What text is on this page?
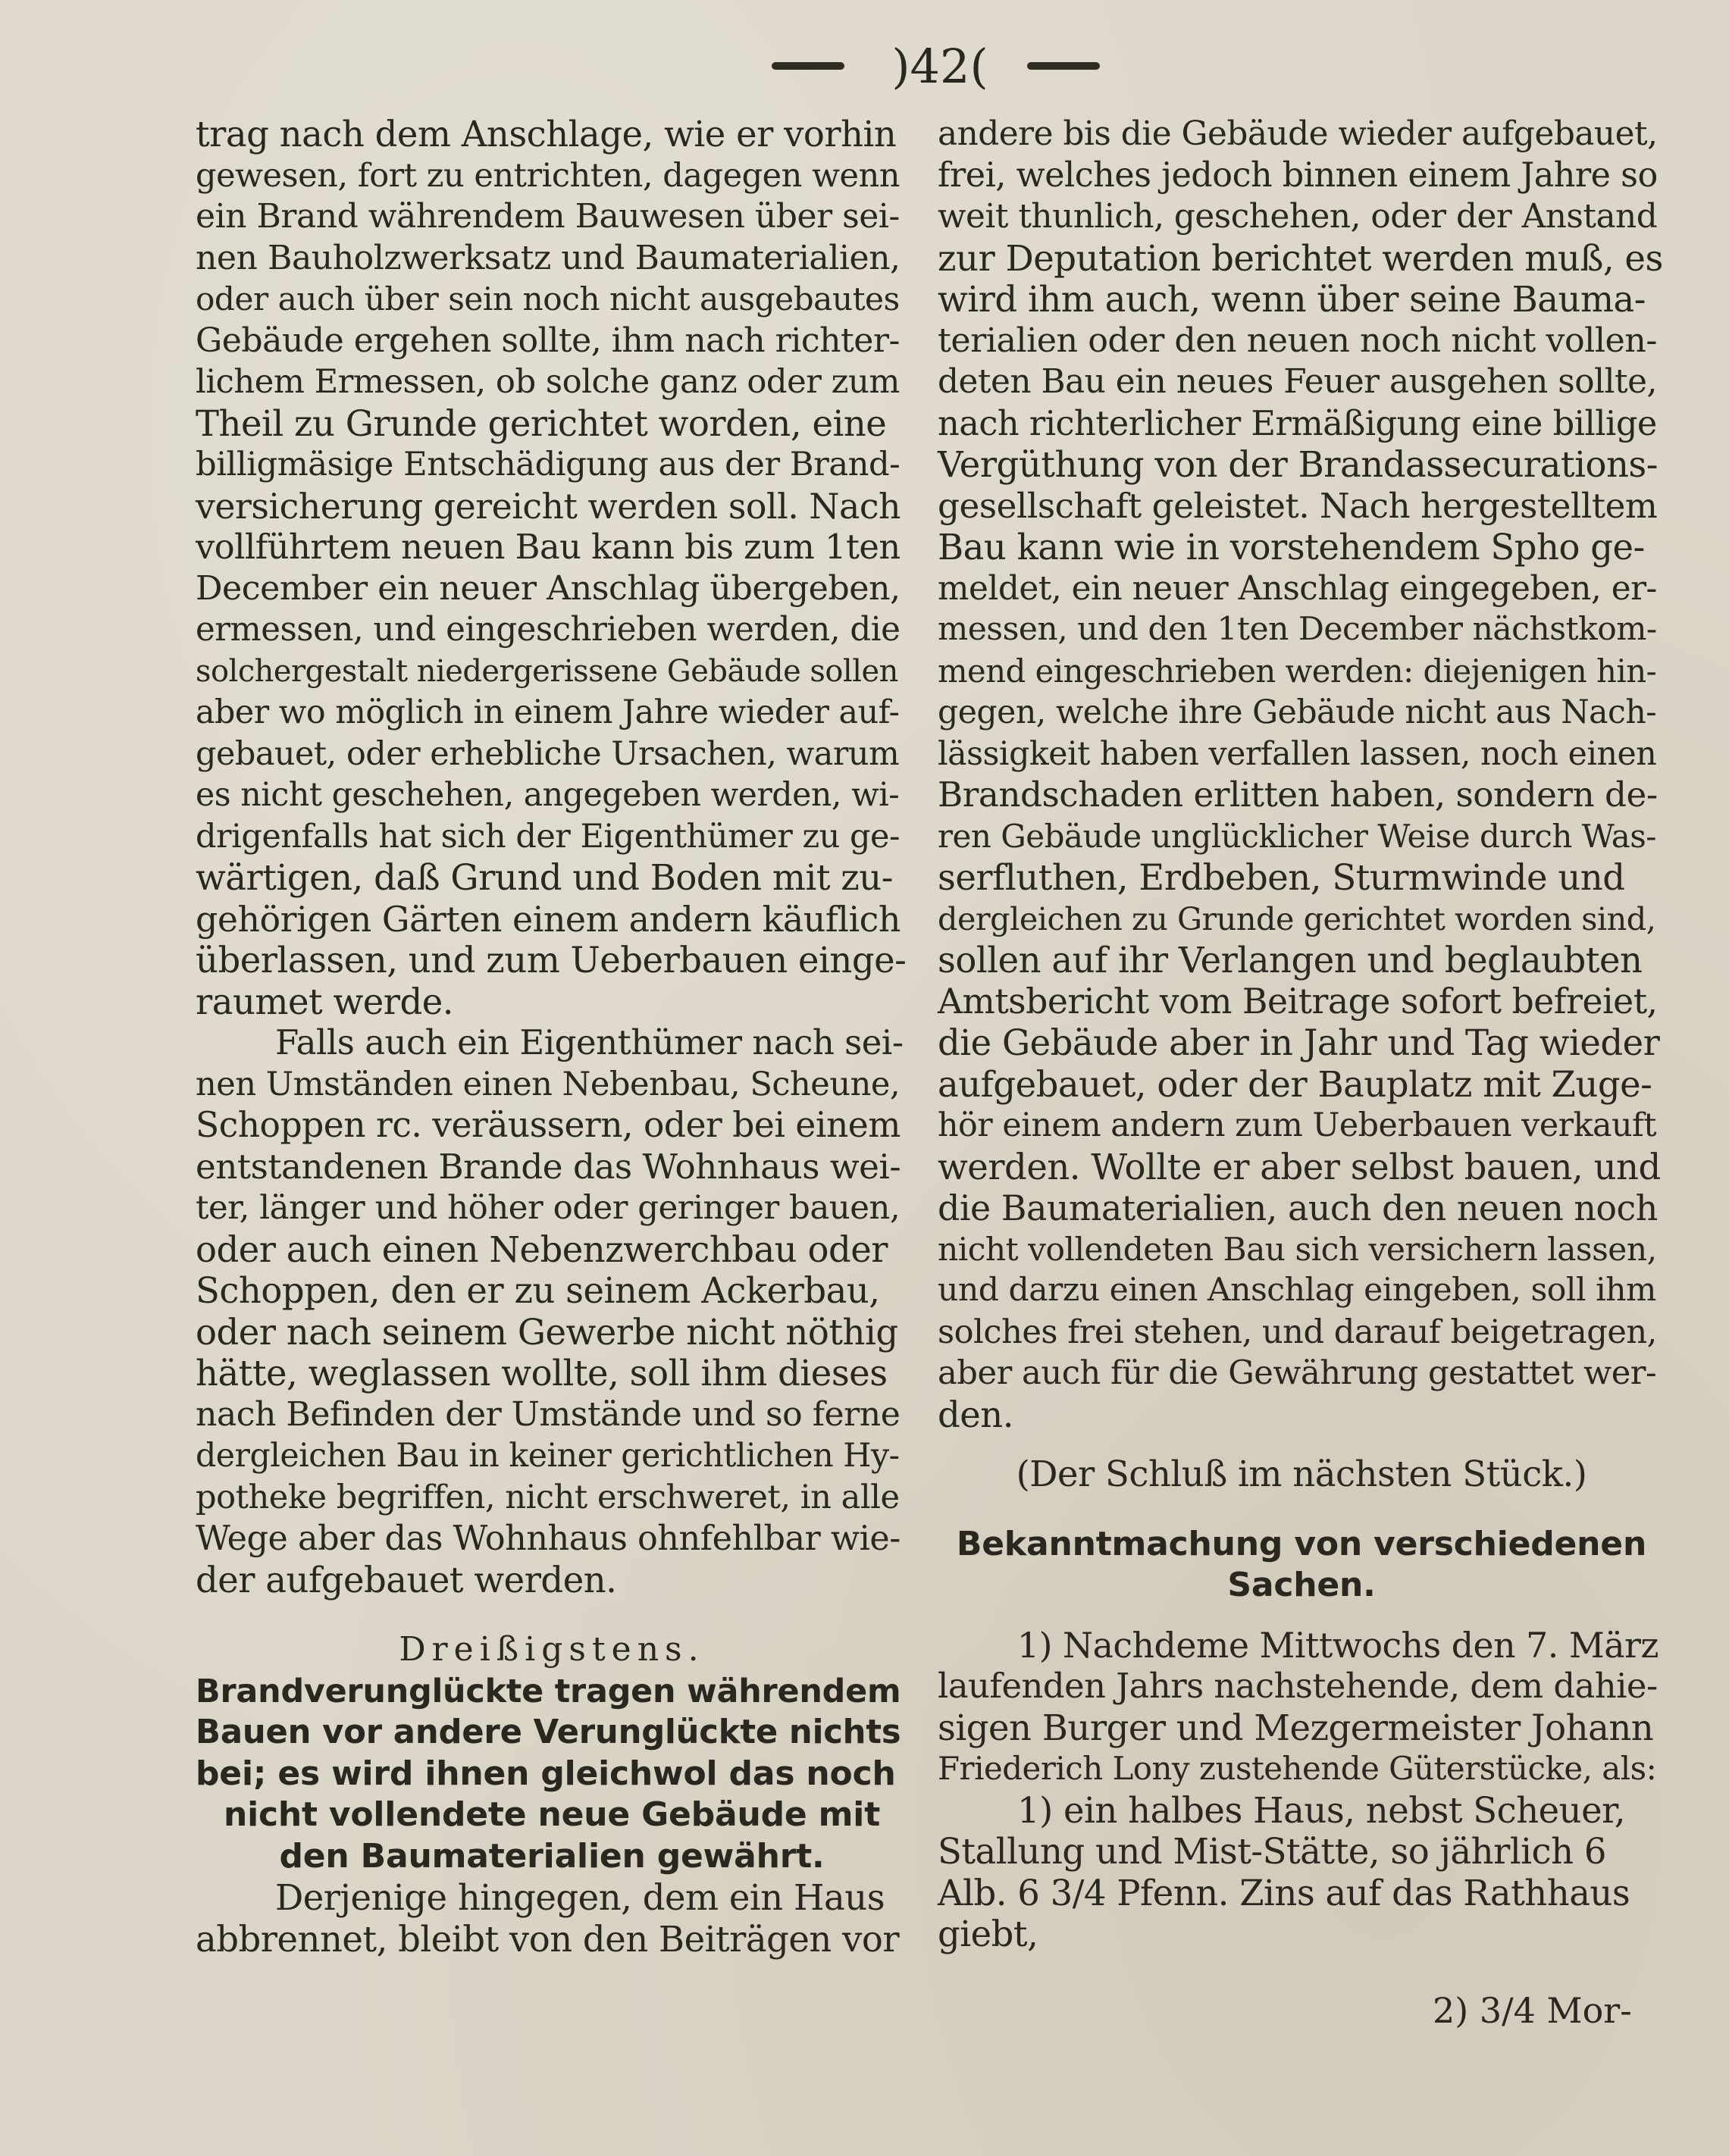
)42(
trag nach dem Anschlage, wie er vorhin
gewesen, fort zu entrichten, dagegen wenn
ein Brand währendem Bauwesen über sei-
nen Bauholzwerksatz und Baumaterialien,
oder auch über sein noch nicht ausgebautes
Gebäude ergehen sollte, ihm nach richter-
lichem Ermessen, ob solche ganz oder zum
Theil zu Grunde gerichtet worden, eine
billigmäsige Entschädigung aus der Brand-
versicherung gereicht werden soll. Nach
vollführtem neuen Bau kann bis zum 1ten
December ein neuer Anschlag übergeben,
ermessen, und eingeschrieben werden, die
solchergestalt niedergerissene Gebäude sollen
aber wo möglich in einem Jahre wieder auf-
gebauet, oder erhebliche Ursachen, warum
es nicht geschehen, angegeben werden, wi-
drigenfalls hat sich der Eigenthümer zu ge-
wärtigen, daß Grund und Boden mit zu-
gehörigen Gärten einem andern käuflich
überlassen, und zum Ueberbauen einge-
raumet werde.
Falls auch ein Eigenthümer nach sei-
nen Umständen einen Nebenbau, Scheune,
Schoppen rc. veräussern, oder bei einem
entstandenen Brande das Wohnhaus wei-
ter, länger und höher oder geringer bauen,
oder auch einen Nebenzwerchbau oder
Schoppen, den er zu seinem Ackerbau,
oder nach seinem Gewerbe nicht nöthig
hätte, weglassen wollte, soll ihm dieses
nach Befinden der Umstände und so ferne
dergleichen Bau in keiner gerichtlichen Hy-
potheke begriffen, nicht erschweret, in alle
Wege aber das Wohnhaus ohnfehlbar wie-
der aufgebauet werden.
Dreißigstens.
Brandverunglückte tragen währendem
Bauen vor andere Verunglückte nichts
bei; es wird ihnen gleichwol das noch
nicht vollendete neue Gebäude mit
den Baumaterialien gewährt.
Derjenige hingegen, dem ein Haus
abbrennet, bleibt von den Beiträgen vor
andere bis die Gebäude wieder aufgebauet,
frei, welches jedoch binnen einem Jahre so
weit thunlich, geschehen, oder der Anstand
zur Deputation berichtet werden muß, es
wird ihm auch, wenn über seine Bauma-
terialien oder den neuen noch nicht vollen-
deten Bau ein neues Feuer ausgehen sollte,
nach richterlicher Ermäßigung eine billige
Vergüthung von der Brandassecurations-
gesellschaft geleistet. Nach hergestelltem
Bau kann wie in vorstehendem Spho ge-
meldet, ein neuer Anschlag eingegeben, er-
messen, und den 1ten December nächstkom-
mend eingeschrieben werden: diejenigen hin-
gegen, welche ihre Gebäude nicht aus Nach-
lässigkeit haben verfallen lassen, noch einen
Brandschaden erlitten haben, sondern de-
ren Gebäude unglücklicher Weise durch Was-
serfluthen, Erdbeben, Sturmwinde und
dergleichen zu Grunde gerichtet worden sind,
sollen auf ihr Verlangen und beglaubten
Amtsbericht vom Beitrage sofort befreiet,
die Gebäude aber in Jahr und Tag wieder
aufgebauet, oder der Bauplatz mit Zuge-
hör einem andern zum Ueberbauen verkauft
werden. Wollte er aber selbst bauen, und
die Baumaterialien, auch den neuen noch
nicht vollendeten Bau sich versichern lassen,
und darzu einen Anschlag eingeben, soll ihm
solches frei stehen, und darauf beigetragen,
aber auch für die Gewährung gestattet wer-
den.
(Der Schluß im nächsten Stück.)
Bekanntmachung von verschiedenen
Sachen.
1) Nachdeme Mittwochs den 7. März
laufenden Jahrs nachstehende, dem dahie-
sigen Burger und Mezgermeister Johann
Friederich Lony zustehende Güterstücke, als:
1) ein halbes Haus, nebst Scheuer,
Stallung und Mist-Stätte, so jährlich 6
Alb. 6 3/4 Pfenn. Zins auf das Rathhaus
giebt,
2) 3/4 Mor-
